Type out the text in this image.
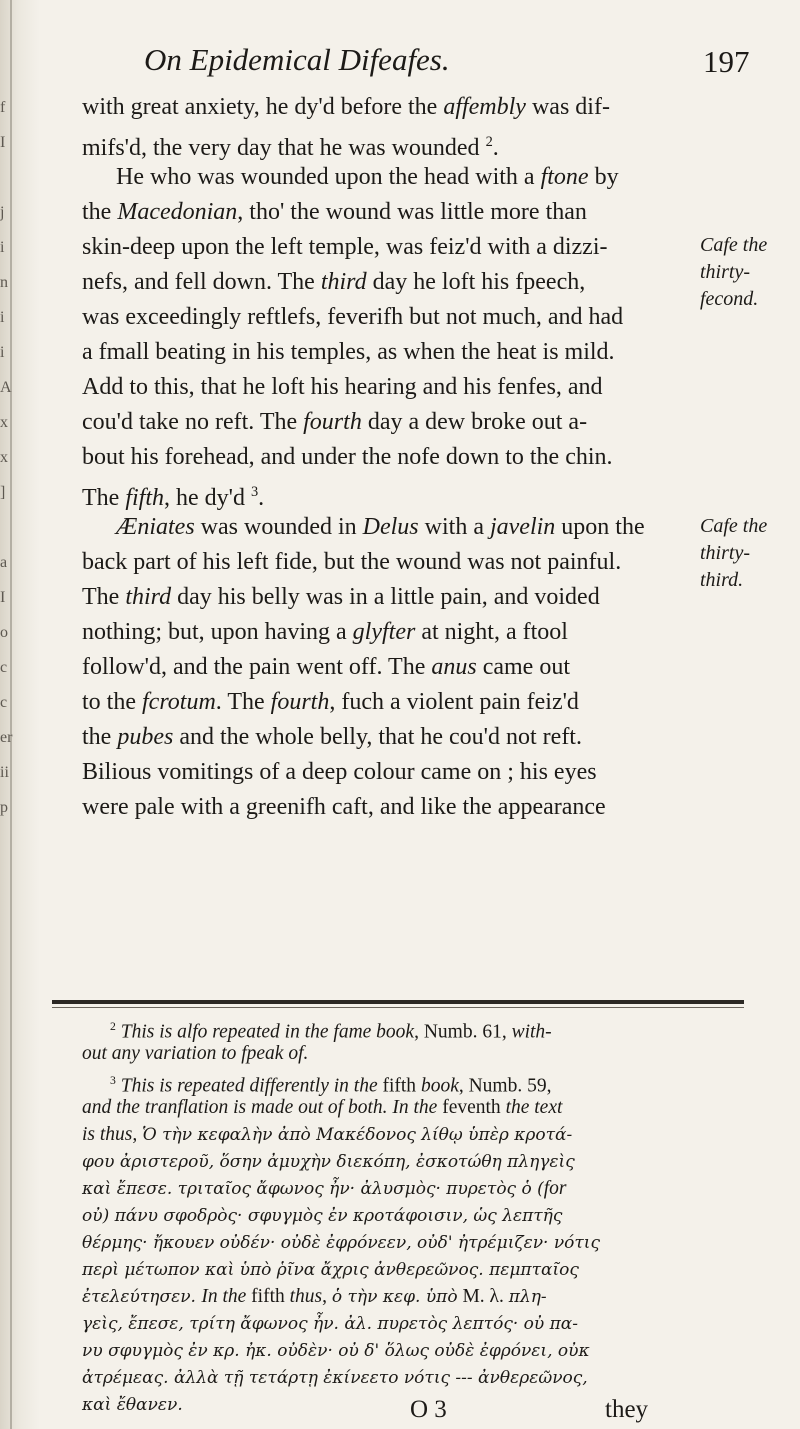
On Epidemical Difeafes.	197
f
I
j
i
n
i
i
A
x
x
]
a
I
o
c
c
er
ii
p
with great anxiety, he dy'd before the affembly was dif-
mifs'd, the very day that he was wounded $^2$.
He who was wounded upon the head with a ftone by
the Macedonian, tho' the wound was little more than
skin-deep upon the left temple, was feiz'd with a dizzi-
nefs, and fell down. The third day he loft his fpeech,
was exceedingly reftlefs, feverifh but not much, and had
a fmall beating in his temples, as when the heat is mild.
Add to this, that he loft his hearing and his fenfes, and
cou'd take no reft. The fourth day a dew broke out a-
bout his forehead, and under the nofe down to the chin.
The fifth, he dy'd $^3$.
Æniates was wounded in Delus with a javelin upon the
back part of his left fide, but the wound was not painful.
The third day his belly was in a little pain, and voided
nothing; but, upon having a glyfter at night, a ftool
follow'd, and the pain went off. The anus came out
to the fcrotum. The fourth, fuch a violent pain feiz'd
the pubes and the whole belly, that he cou'd not reft.
Bilious vomitings of a deep colour came on ; his eyes
were pale with a greenifh caft, and like the appearance
Cafe the
thirty-
fecond.
Cafe the
thirty-
third.
$^2$ This is alfo repeated in the fame book, Numb. 61, with-
out any variation to fpeak of.
$^3$ This is repeated differently in the fifth book, Numb. 59,
and the tranflation is made out of both. In the feventh the text
is thus, Ὁ τὴν κεφαλὴν ἀπὸ Μακέδονος λίθῳ ὑπὲρ κροτά-
φου ἀριστεροῦ, ὅσην ἀμυχὴν διεκόπη, ἐσκοτώθη πληγεὶς
καὶ ἔπεσε. τριταῖος ἄφωνος ἦν· ἀλυσμὸς· πυρετὸς ὁ (for
οὐ) πάνυ σφοδρὸς· σφυγμὸς ἐν κροτάφοισιν, ὡς λεπτῆς
θέρμης· ἤκουεν οὐδέν· οὐδὲ ἐφρόνεεν, οὐδ' ἠτρέμιζεν· νότις
περὶ μέτωπον καὶ ὑπὸ ῥῖνα ἄχρις ἀνθερεῶνος. πεμπταῖος
ἐτελεύτησεν. In the fifth thus, ὁ τὴν κεφ. ὑπὸ M. λ. πλη-
γεὶς, ἔπεσε, τρίτη ἄφωνος ἦν. ἀλ. πυρετὸς λεπτός· οὐ πα-
νυ σφυγμὸς ἐν κρ. ἠκ. οὐδὲν· οὐ δ' ὅλως οὐδὲ ἐφρόνει, οὐκ
ἀτρέμεας. ἀλλὰ τῇ τετάρτῃ ἐκίνεετο νότις --- ἀνθερεῶνος,
καὶ ἔθανεν.	O 3	they
